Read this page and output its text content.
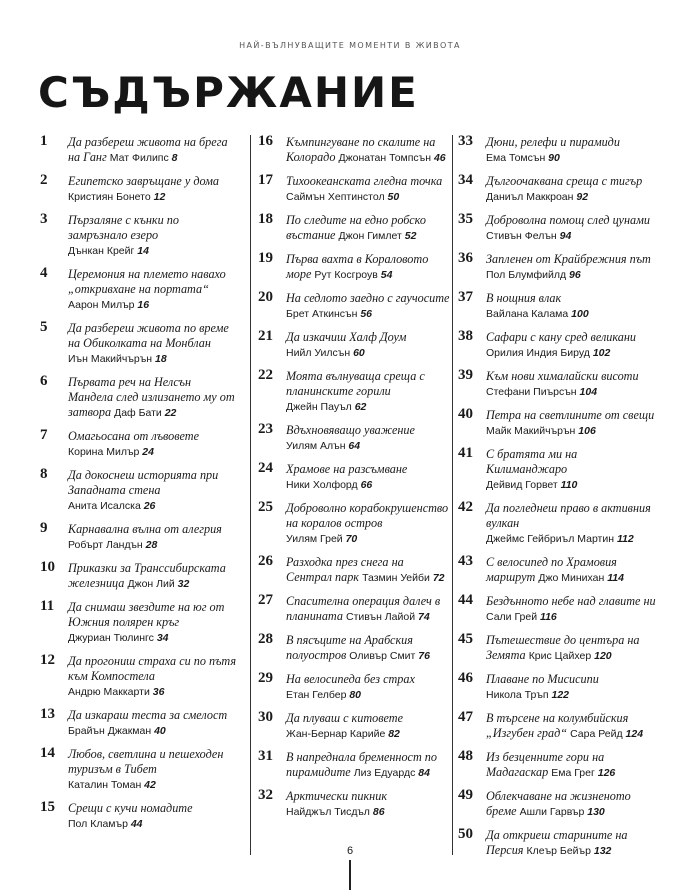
НАЙ-ВЪЛНУВАЩИТЕ МОМЕНТИ В ЖИВОТА
СЪДЪРЖАНИЕ
1	Да разбереш живота на брега на Ганг Мат Филипс 8
2	Египетско завръщане у дома Кристиян Бонето 12
3	Пързаляне с кънки по замръзнало езеро Дънкан Крейг 14
4	Церемония на племето навахо „откривхане на портата“ Аарон Милър 16
5	Да разбереш живота по време на Обиколката на Монблан Иън Макийчърън 18
6	Първата реч на Нелсън Мандела след излизането му от затвора Даф Бати 22
7	Омагьосана от лъвовете Корина Милър 24
8	Да докоснеш историята при Западната стена Анита Исалска 26
9	Карнавална вълна от алегрия Робърт Ландън 28
10	Приказки за Транссибирската железница Джон Лий 32
11	Да снимаш звездите на юг от Южния полярен кръг Джуриан Тюлингс 34
12	Да прогониш страха си по пътя към Компостела Андрю Маккарти 36
13	Да изкараш теста за смелост Брайън Джакман 40
14	Любов, светлина и пешеходен туризъм в Тибет Каталин Томан 42
15	Срещи с кучи номадите Пол Кламър 44
16	Къмпингуване по скалите на Колорадо Джонатан Томпсън 46
17	Тихоокеанската гледна точка Саймън Хептинстол 50
18	По следите на едно робско въстание Джон Гимлет 52
19	Първа вахта в Кораловото море Рут Косгроув 54
20	На седлото заедно с гаучосите Брет Аткинсън 56
21	Да изкачиш Халф Доум Нийл Уилсън 60
22	Моята вълнуваща среща с планинските горили Джейн Пауъл 62
23	Вдъхновяващо уважение Уилям Алън 64
24	Храмове на разсъмване Ники Холфорд 66
25	Доброволно корабокрушенство на коралов остров Уилям Грей 70
26	Разходка през снега на Сентрал парк Тазмин Уейби 72
27	Спасителна операция далеч в планината Стивън Лайой 74
28	В пясъците на Арабския полуостров Оливър Смит 76
29	На велосипеда без страх Етан Гелбер 80
30	Да плуваш с китовете Жан-Бернар Карийе 82
31	В напреднала бременност по пирамидите Лиз Едуардс 84
32	Арктически пикник Найджъл Тисдъл 86
33	Дюни, релефи и пирамиди Ема Томсън 90
34	Дългоочаквана среща с тигър Даниъл Маккроан 92
35	Доброволна помощ след цунами Стивън Фелън 94
36	Запленен от Крайбрежния път Пол Блумфийлд 96
37	В нощния влак Вайлана Калама 100
38	Сафари с кану сред великани Орилия Индия Бируд 102
39	Към нови хималайски висоти Стефани Пиърсън 104
40	Петра на светлините от свещи Майк Макийчърън 106
41	С братята ми на Килиманджаро Дейвид Горвет 110
42	Да погледнеш право в активния вулкан Джеймс Гейбриъл Мартин 112
43	С велосипед по Храмовия маршрут Джо Минихан 114
44	Бездънното небе над главите ни Сали Грей 116
45	Пътешествие до центъра на Земята Крис Цайхер 120
46	Плаване по Мисисипи Никола Тръп 122
47	В търсене на колумбийския „Изгубен град“ Сара Рейд 124
48	Из безценните гори на Мадагаскар Ема Грег 126
49	Облекчаване на жизненото бреме Ашли Гарвър 130
50	Да откриеш старините на Персия Клеър Бейър 132
6
